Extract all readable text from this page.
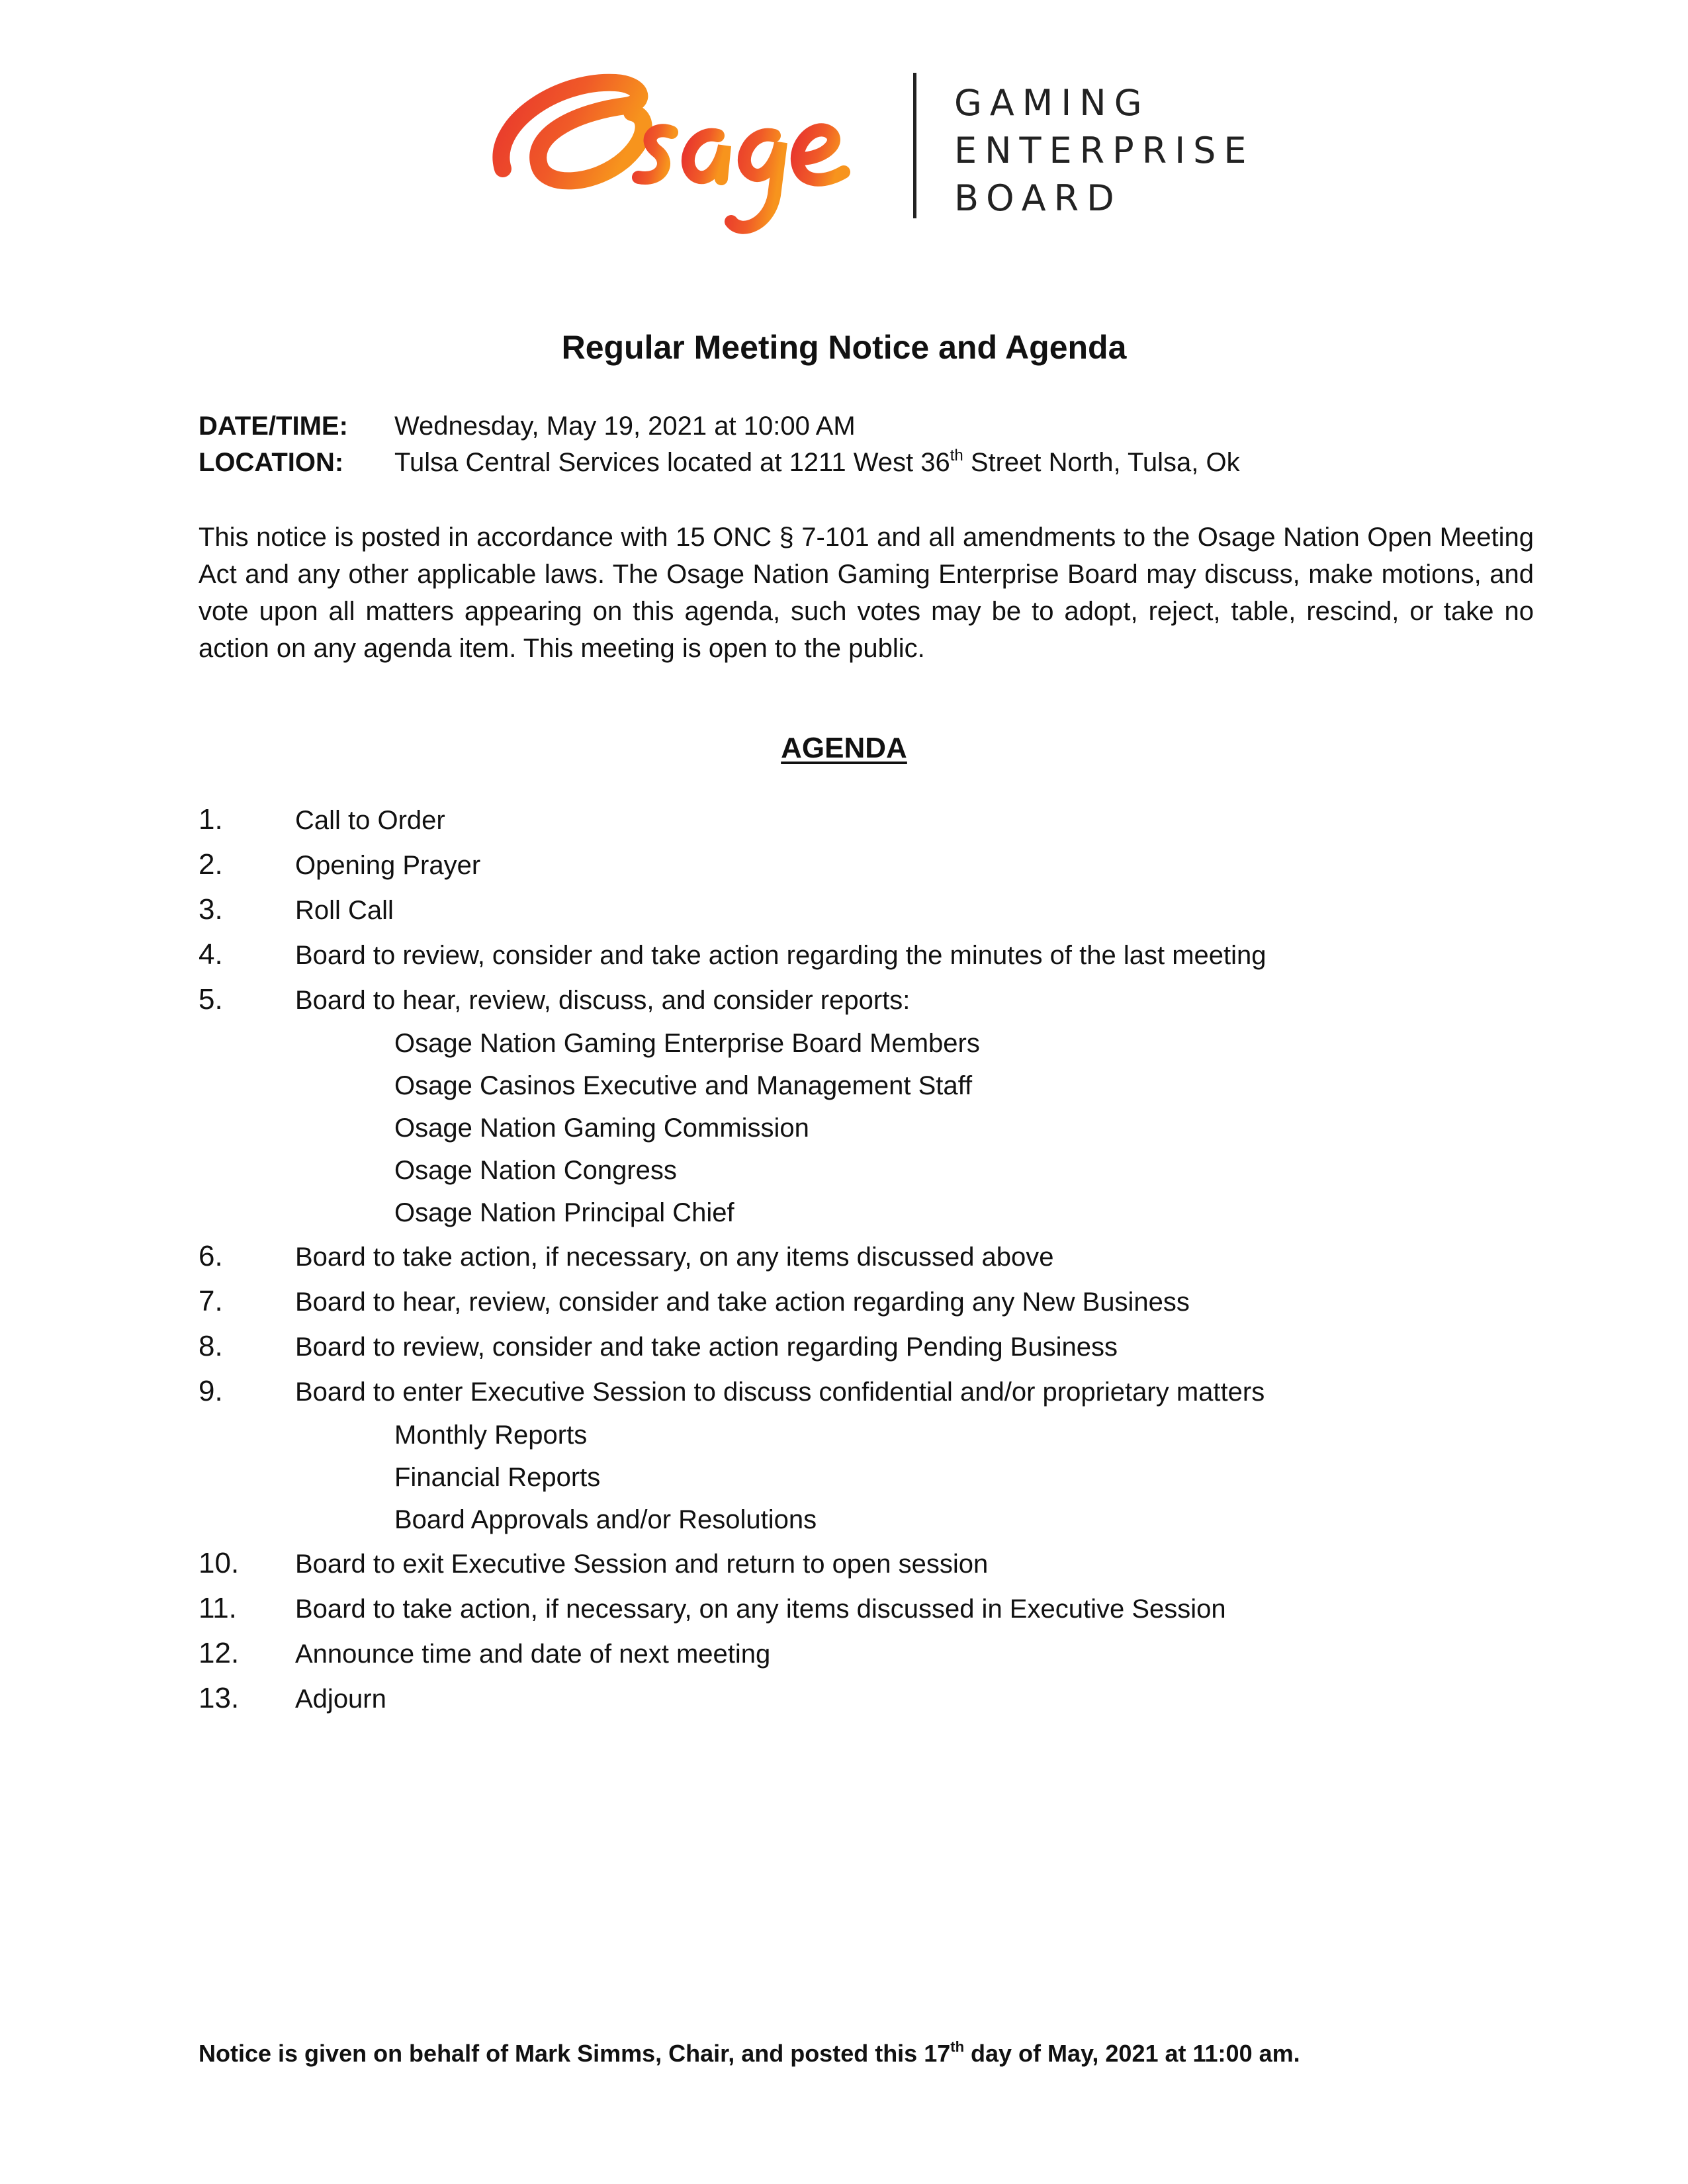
GAMING
ENTERPRISE
BOARD
Regular Meeting Notice and Agenda
DATE/TIME: Wednesday, May 19, 2021 at 10:00 AM
LOCATION: Tulsa Central Services located at 1211 West 36th Street North, Tulsa, Ok
This notice is posted in accordance with 15 ONC § 7-101 and all amendments to the Osage Nation Open Meeting Act and any other applicable laws. The Osage Nation Gaming Enterprise Board may discuss, make motions, and vote upon all matters appearing on this agenda, such votes may be to adopt, reject, table, rescind, or take no action on any agenda item. This meeting is open to the public.
AGENDA
1.	Call to Order
2.	Opening Prayer
3.	Roll Call
4.	Board to review, consider and take action regarding the minutes of the last meeting
5.	Board to hear, review, discuss, and consider reports:
Osage Nation Gaming Enterprise Board Members
Osage Casinos Executive and Management Staff
Osage Nation Gaming Commission
Osage Nation Congress
Osage Nation Principal Chief
6.	Board to take action, if necessary, on any items discussed above
7.	Board to hear, review, consider and take action regarding any New Business
8.	Board to review, consider and take action regarding Pending Business
9.	Board to enter Executive Session to discuss confidential and/or proprietary matters
Monthly Reports
Financial Reports
Board Approvals and/or Resolutions
10. Board to exit Executive Session and return to open session
11. Board to take action, if necessary, on any items discussed in Executive Session
12. Announce time and date of next meeting
13. Adjourn
Notice is given on behalf of Mark Simms, Chair, and posted this 17th day of May, 2021 at 11:00 am.
